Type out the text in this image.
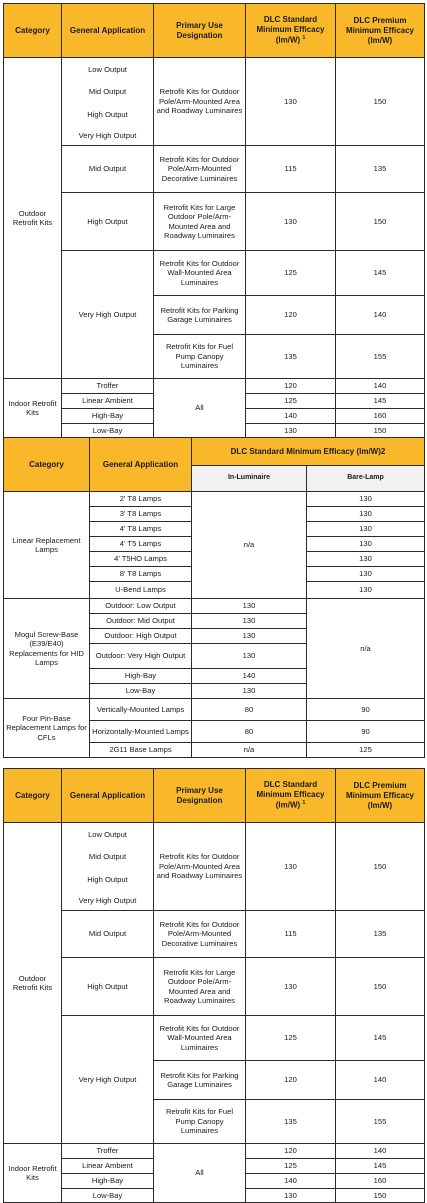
Category	General Application	Primary Use Designation	DLC Standard Minimum Efficacy (lm/W) $^1$	DLC Premium Minimum Efficacy (lm/W)
Outdoor Retrofit Kits	Low Output	Retrofit Kits for Outdoor Pole/Arm-Mounted Area and Roadway Luminaires	130	150
	Mid Output			
	High Output			
	Very High Output			
	Mid Output	Retrofit Kits for Outdoor Pole/Arm-Mounted Decorative Luminaires	115	135
	High Output	Retrofit Kits for Large Outdoor Pole/Arm-Mounted Area and Roadway Luminaires	130	150
	Very High Output	Retrofit Kits for Outdoor Wall-Mounted Area Luminaires	125	145
		Retrofit Kits for Parking Garage Luminaires	120	140
		Retrofit Kits for Fuel Pump Canopy Luminaires	135	155
Indoor Retrofit Kits	Troffer	All	120	140
	Linear Ambient		125	145
	High-Bay		140	160
	Low-Bay		130	150
Category	General Application	DLC Standard Minimum Efficacy (lm/W)2	
		In-Luminaire	Bare-Lamp
Linear Replacement Lamps	2' T8 Lamps	n/a	130
	3' T8 Lamps		130
	4' T8 Lamps		130
	4' T5 Lamps		130
	4' T5HO Lamps		130
	8' T8 Lamps		130
	U-Bend Lamps		130
Mogul Screw-Base (E39/E40) Replacements for HID Lamps	Outdoor: Low Output	130	n/a
	Outdoor: Mid Output	130	
	Outdoor: High Output	130	
	Outdoor: Very High Output	130	
	High-Bay	140	
	Low-Bay	130	
Four Pin-Base Replacement Lamps for CFLs	Vertically-Mounted Lamps	80	90
	Horizontally-Mounted Lamps	80	90
	2G11 Base Lamps	n/a	125
Category	General Application	Primary Use Designation	DLC Standard Minimum Efficacy (lm/W) $^1$	DLC Premium Minimum Efficacy (lm/W)
Outdoor Retrofit Kits	Low Output	Retrofit Kits for Outdoor Pole/Arm-Mounted Area and Roadway Luminaires	130	150
	Mid Output			
	High Output			
	Very High Output			
	Mid Output	Retrofit Kits for Outdoor Pole/Arm-Mounted Decorative Luminaires	115	135
	High Output	Retrofit Kits for Large Outdoor Pole/Arm-Mounted Area and Roadway Luminaires	130	150
	Very High Output	Retrofit Kits for Outdoor Wall-Mounted Area Luminaires	125	145
		Retrofit Kits for Parking Garage Luminaires	120	140
		Retrofit Kits for Fuel Pump Canopy Luminaires	135	155
Indoor Retrofit Kits	Troffer	All	120	140
	Linear Ambient		125	145
	High-Bay		140	160
	Low-Bay		130	150
